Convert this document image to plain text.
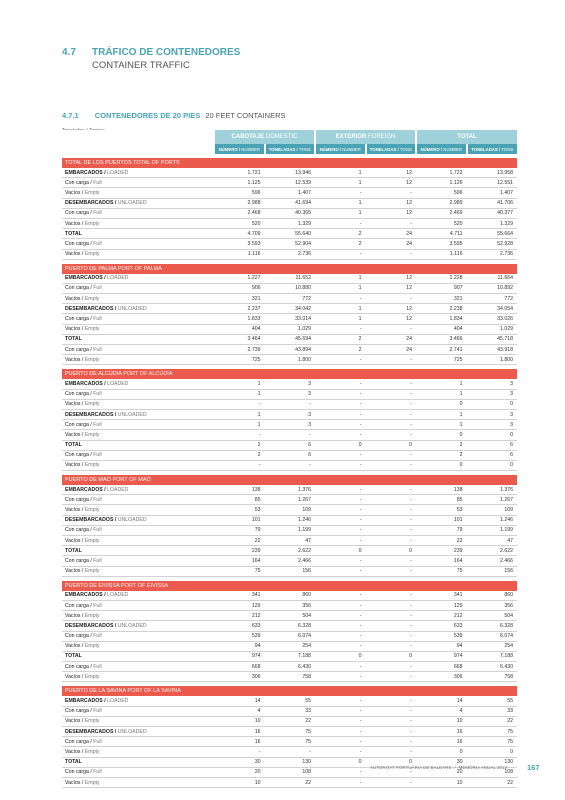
4.7 TRÁFICO DE CONTENEDORES
CONTAINER TRAFFIC
4.7.1 CONTENEDORES DE 20 PIES 20 FEET CONTAINERS
	CABOTAJE DOMESTIC		EXTERIOR FOREIGN		TOTAL	
	NÚMERO / NUMBER	TONELADAS / TONS	NÚMERO / NUMBER	TONELADAS / TONS	NÚMERO / NUMBER	TONELADAS / TONS

TOTAL DE LOS PUERTOS TOTAL OF PORTS						
EMBARCADOS / LOADED	1.721	13.946	1	12	1.722	13.958
Con carga / Full	1.125	12.539	1	12	1.126	12.551
Vacíos / Empty	596	1.407	-	-	596	1.407
DESEMBARCADOS / UNLOADED	2.988	41.694	1	12	2.989	41.706
Con carga / Full	2.468	40.365	1	12	2.469	40.377
Vacíos / Empty	520	1.329	-	-	520	1.329
TOTAL	4.709	55.640	2	24	4.711	55.664
Con carga / Full	3.593	52.904	2	24	3.595	52.928
Vacíos / Empty	1.116	2.736	-	-	1.116	2.736

PUERTO DE PALMA PORT OF PALMA						
EMBARCADOS / LOADED	1.227	11.652	1	12	1.228	11.664
Con carga / Full	906	10.880	1	12	907	10.892
Vacíos / Empty	321	772	-	-	321	772
DESEMBARCADOS / UNLOADED	2.237	34.042	1	12	2.238	34.054
Con carga / Full	1.833	33.014	1	12	1.834	33.026
Vacíos / Empty	404	1.029	-	-	404	1.029
TOTAL	3.464	45.694	2	24	3.466	45.718
Con carga / Full	2.739	43.894	2	24	2.741	43.918
Vacíos / Empty	725	1.800	-	-	725	1.800

PUERTO DE ALCÚDIA PORT OF ALCÚDIA						
EMBARCADOS / LOADED	1	3	-	-	1	3
Con carga / Full	1	3	-	-	1	3
Vacíos / Empty	-	-	-	-	0	0
DESEMBARCADOS / UNLOADED	1	3	-	-	1	3
Con carga / Full	1	3	-	-	1	3
Vacíos / Empty	-	-	-	-	0	0
TOTAL	2	6	0	0	2	6
Con carga / Full	2	6	-	-	2	6
Vacíos / Empty	-	-	-	-	0	0

PUERTO DE MAÓ PORT OF MAÓ						
EMBARCADOS / LOADED	138	1.376	-	-	138	1.376
Con carga / Full	85	1.267	-	-	85	1.267
Vacíos / Empty	53	109	-	-	53	109
DESEMBARCADOS / UNLOADED	101	1.246	-	-	101	1.246
Con carga / Full	79	1.199	-	-	79	1.199
Vacíos / Empty	22	47	-	-	22	47
TOTAL	239	2.622	0	0	239	2.622
Con carga / Full	164	2.466	-	-	164	2.466
Vacíos / Empty	75	156	-	-	75	156

PUERTO DE EIVISSA PORT OF EIVISSA						
EMBARCADOS / LOADED	341	860	-	-	341	860
Con carga / Full	129	356	-	-	129	356
Vacíos / Empty	212	504	-	-	212	504
DESEMBARCADOS / UNLOADED	633	6.328	-	-	633	6.328
Con carga / Full	539	6.074	-	-	539	6.074
Vacíos / Empty	94	254	-	-	94	254
TOTAL	974	7.188	0	0	974	7.188
Con carga / Full	668	6.430	-	-	668	6.430
Vacíos / Empty	306	758	-	-	306	758

PUERTO DE LA SAVINA PORT OF LA SAVINA						
EMBARCADOS / LOADED	14	55	-	-	14	55
Con carga / Full	4	33	-	-	4	33
Vacíos / Empty	10	22	-	-	10	22
DESEMBARCADOS / UNLOADED	16	75	-	-	16	75
Con carga / Full	16	75	-	-	16	75
Vacíos / Empty	-	-	-	-	0	0
TOTAL	30	130	0	0	30	130
Con carga / Full	20	108	-	-	20	108
Vacíos / Empty	10	22	-	-	10	22
AUTORITAT PORTUÀRIA DE BALEARS / MEMÒRIA ANUAL 2012	167
